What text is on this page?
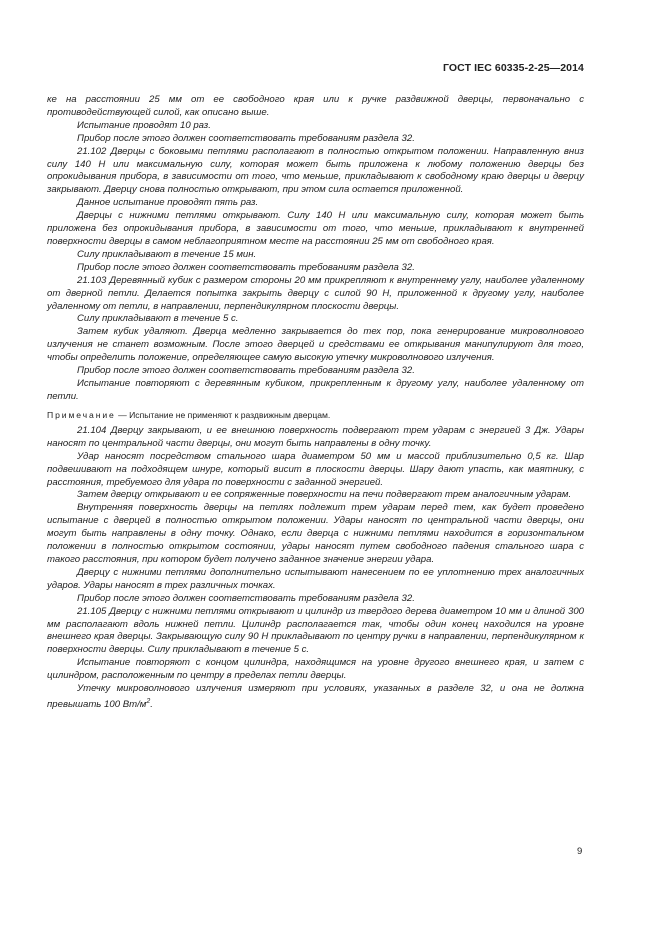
ГОСТ IEC 60335-2-25—2014

ке на расстоянии 25 мм от ее свободного края или к ручке раздвижной дверцы, первоначально с противодействующей силой, как описано выше.

Испытание проводят 10 раз.

Прибор после этого должен соответствовать требованиям раздела 32.

21.102 Дверцы с боковыми петлями располагают в полностью открытом положении. Направленную вниз силу 140 Н или максимальную силу, которая может быть приложена к любому положению дверцы без опрокидывания прибора, в зависимости от того, что меньше, прикладывают к свободному краю дверцы и дверцу закрывают. Дверцу снова полностью открывают, при этом сила остается приложенной.

Данное испытание проводят пять раз.

Дверцы с нижними петлями открывают. Силу 140 Н или максимальную силу, которая может быть приложена без опрокидывания прибора, в зависимости от того, что меньше, прикладывают к внутренней поверхности дверцы в самом неблагоприятном месте на расстоянии 25 мм от свободного края.

Силу прикладывают в течение 15 мин.

Прибор после этого должен соответствовать требованиям раздела 32.

21.103 Деревянный кубик с размером стороны 20 мм прикрепляют к внутреннему углу, наиболее удаленному от дверной петли. Делается попытка закрыть дверцу с силой 90 Н, приложенной к другому углу, наиболее удаленному от петли, в направлении, перпендикулярном плоскости дверцы.

Силу прикладывают в течение 5 с.

Затем кубик удаляют. Дверца медленно закрывается до тех пор, пока генерирование микроволнового излучения не станет возможным. После этого дверцей и средствами ее открывания манипулируют для того, чтобы определить положение, определяющее самую высокую утечку микроволнового излучения.

Прибор после этого должен соответствовать требованиям раздела 32.

Испытание повторяют с деревянным кубиком, прикрепленным к другому углу, наиболее удаленному от петли.

Примечание — Испытание не применяют к раздвижным дверцам.

21.104 Дверцу закрывают, и ее внешнюю поверхность подвергают трем ударам с энергией 3 Дж. Удары наносят по центральной части дверцы, они могут быть направлены в одну точку.

Удар наносят посредством стального шара диаметром 50 мм и массой приблизительно 0,5 кг. Шар подвешивают на подходящем шнуре, который висит в плоскости дверцы. Шару дают упасть, как маятнику, с расстояния, требуемого для удара по поверхности с заданной энергией.

Затем дверцу открывают и ее сопряженные поверхности на печи подвергают трем аналогичным ударам.

Внутренняя поверхность дверцы на петлях подлежит трем ударам перед тем, как будет проведено испытание с дверцей в полностью открытом положении. Удары наносят по центральной части дверцы, они могут быть направлены в одну точку. Однако, если дверца с нижними петлями находится в горизонтальном положении в полностью открытом состоянии, удары наносят путем свободного падения стального шара с такого расстояния, при котором будет получено заданное значение энергии удара.

Дверцу с нижними петлями дополнительно испытывают нанесением по ее уплотнению трех аналогичных ударов. Удары наносят в трех различных точках.

Прибор после этого должен соответствовать требованиям раздела 32.

21.105 Дверцу с нижними петлями открывают и цилиндр из твердого дерева диаметром 10 мм и длиной 300 мм располагают вдоль нижней петли. Цилиндр располагается так, чтобы один конец находился на уровне внешнего края дверцы. Закрывающую силу 90 Н прикладывают по центру ручки в направлении, перпендикулярном к поверхности дверцы. Силу прикладывают в течение 5 с.

Испытание повторяют с концом цилиндра, находящимся на уровне другого внешнего края, и затем с цилиндром, расположенным по центру в пределах петли дверцы.

Утечку микроволнового излучения измеряют при условиях, указанных в разделе 32, и она не должна превышать 100 $Вт/м^2$.

9
